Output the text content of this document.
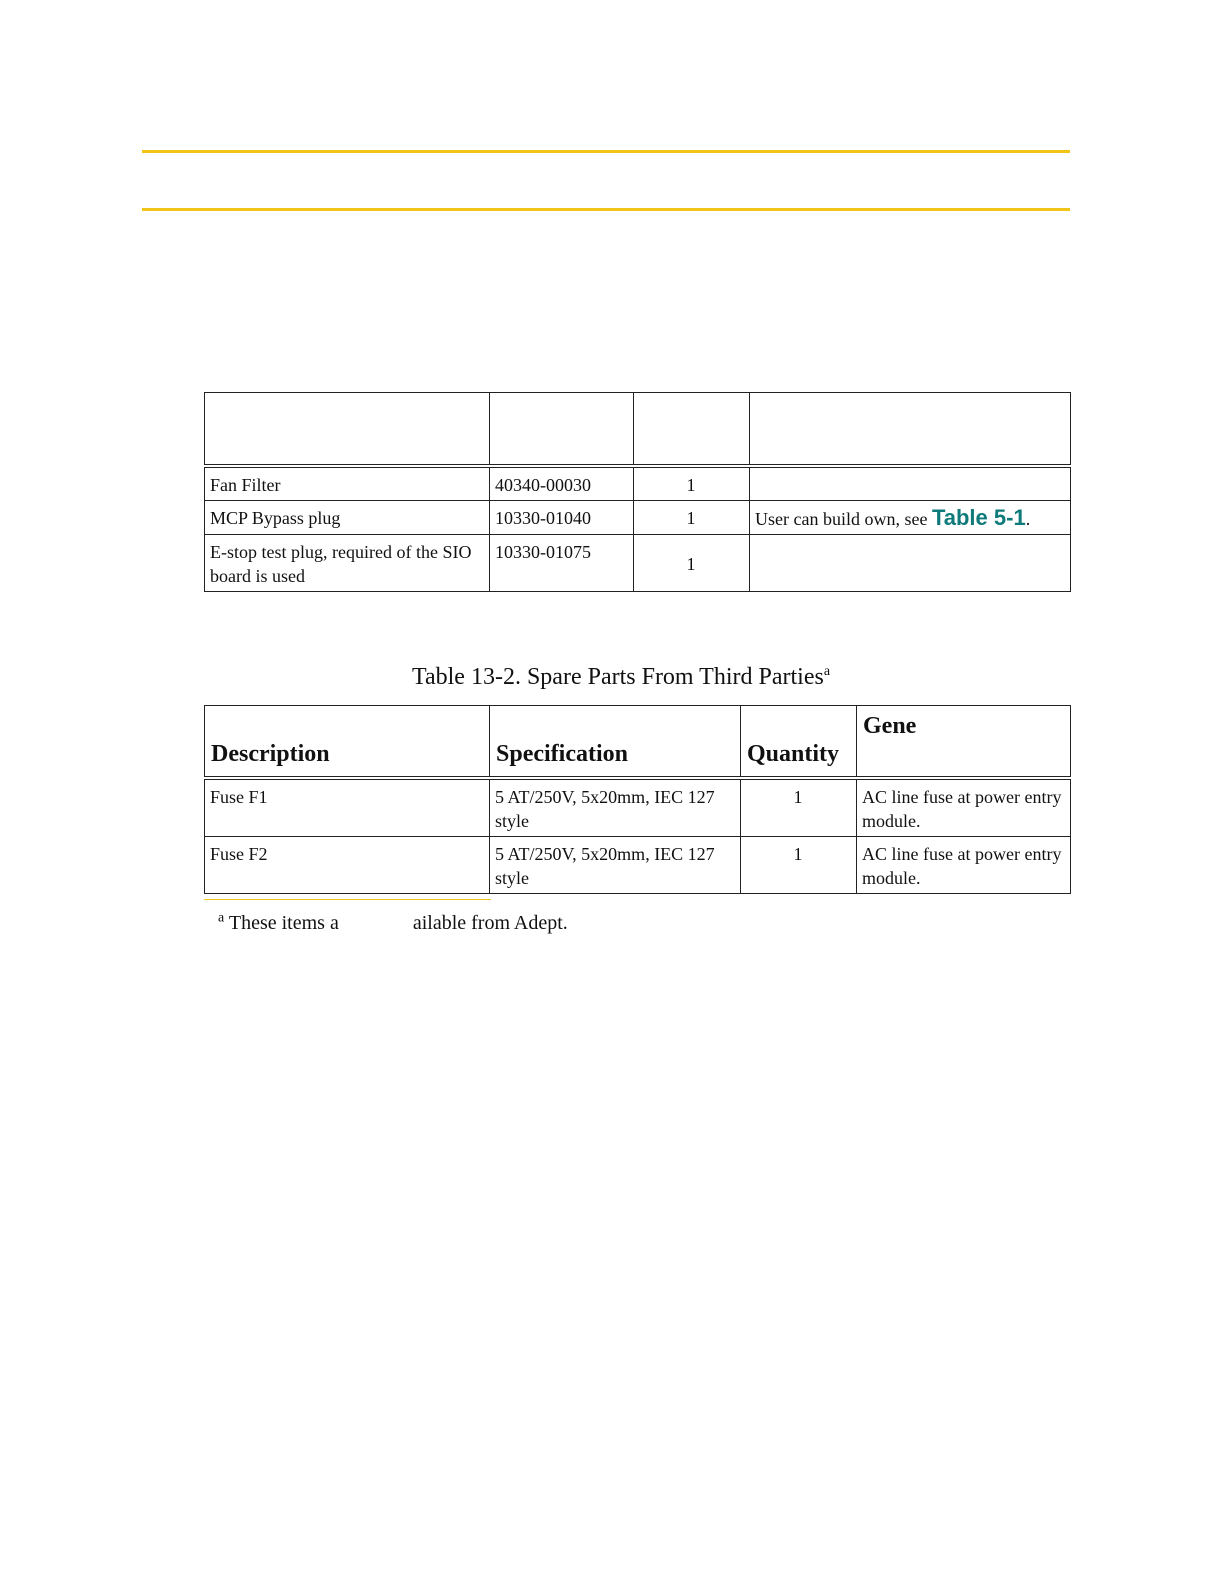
Fan Filter	40340-00030	1	
MCP Bypass plug	10330-01040	1	User can build own, see Table 5-1.
E-stop test plug, required of the SIO board is used	10330-01075	1	
Table 13-2. Spare Parts From Third Parties$^a$
Description	Specification	Quantity	Gene
Fuse F1	5 AT/250V, 5x20mm, IEC 127 style	1	AC line fuse at power entry module.
Fuse F2	5 AT/250V, 5x20mm, IEC 127 style	1	AC line fuse at power entry module.
$^a$ These items a	ailable from Adept.
